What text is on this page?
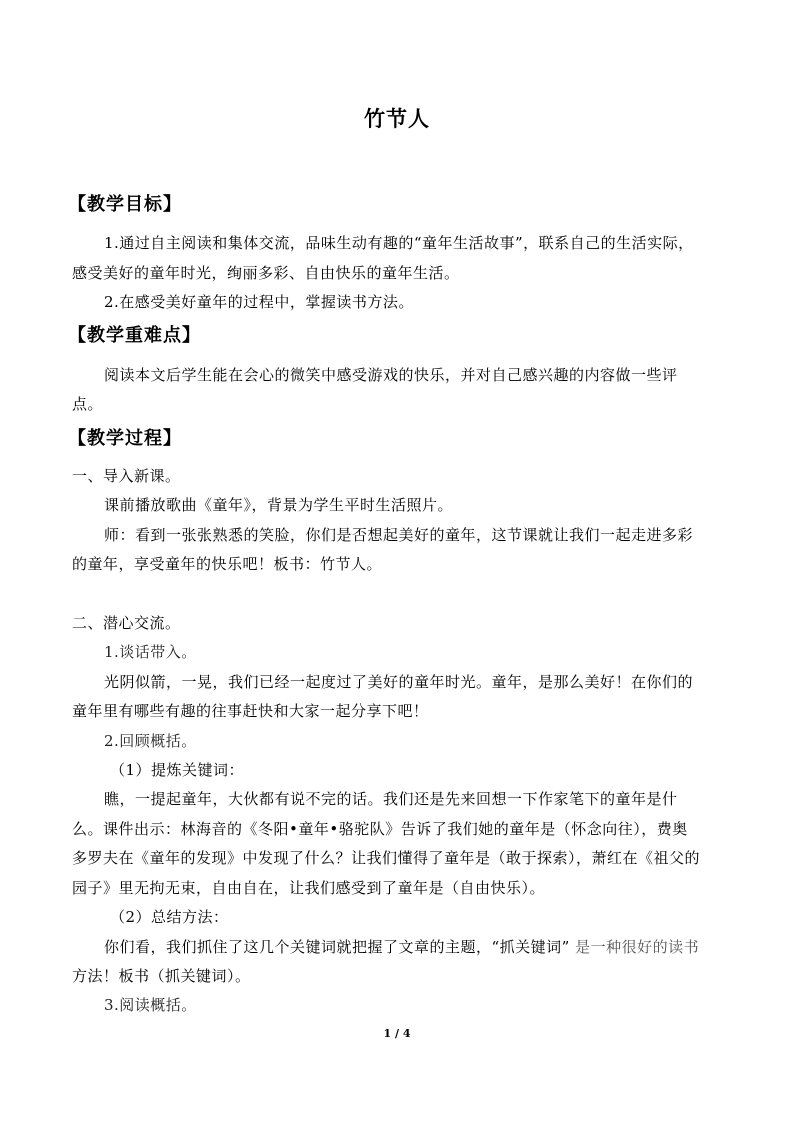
竹节人
【教学目标】
1.通过自主阅读和集体交流，品味生动有趣的“童年生活故事”，联系自己的生活实际，
感受美好的童年时光，绚丽多彩、自由快乐的童年生活。
2.在感受美好童年的过程中，掌握读书方法。
【教学重难点】
阅读本文后学生能在会心的微笑中感受游戏的快乐，并对自己感兴趣的内容做一些评
点。
【教学过程】
一、导入新课。
课前播放歌曲《童年》，背景为学生平时生活照片。
师：看到一张张熟悉的笑脸，你们是否想起美好的童年，这节课就让我们一起走进多彩
的童年，享受童年的快乐吧！板书：竹节人。
二、潜心交流。
1.谈话带入。
光阴似箭，一晃，我们已经一起度过了美好的童年时光。童年，是那么美好！在你们的
童年里有哪些有趣的往事赶快和大家一起分享下吧！
2.回顾概括。
（1）提炼关键词：
瞧，一提起童年，大伙都有说不完的话。我们还是先来回想一下作家笔下的童年是什
么。课件出示：林海音的《冬阳•童年•骆驼队》告诉了我们她的童年是（怀念向往），费奥
多罗夫在《童年的发现》中发现了什么？让我们懂得了童年是（敢于探索），萧红在《祖父的
园子》里无拘无束，自由自在，让我们感受到了童年是（自由快乐）。
（2）总结方法：
你们看，我们抓住了这几个关键词就把握了文章的主题，“抓关键词” 是一种很好的读书
方法！板书（抓关键词）。
3.阅读概括。
1 / 4
